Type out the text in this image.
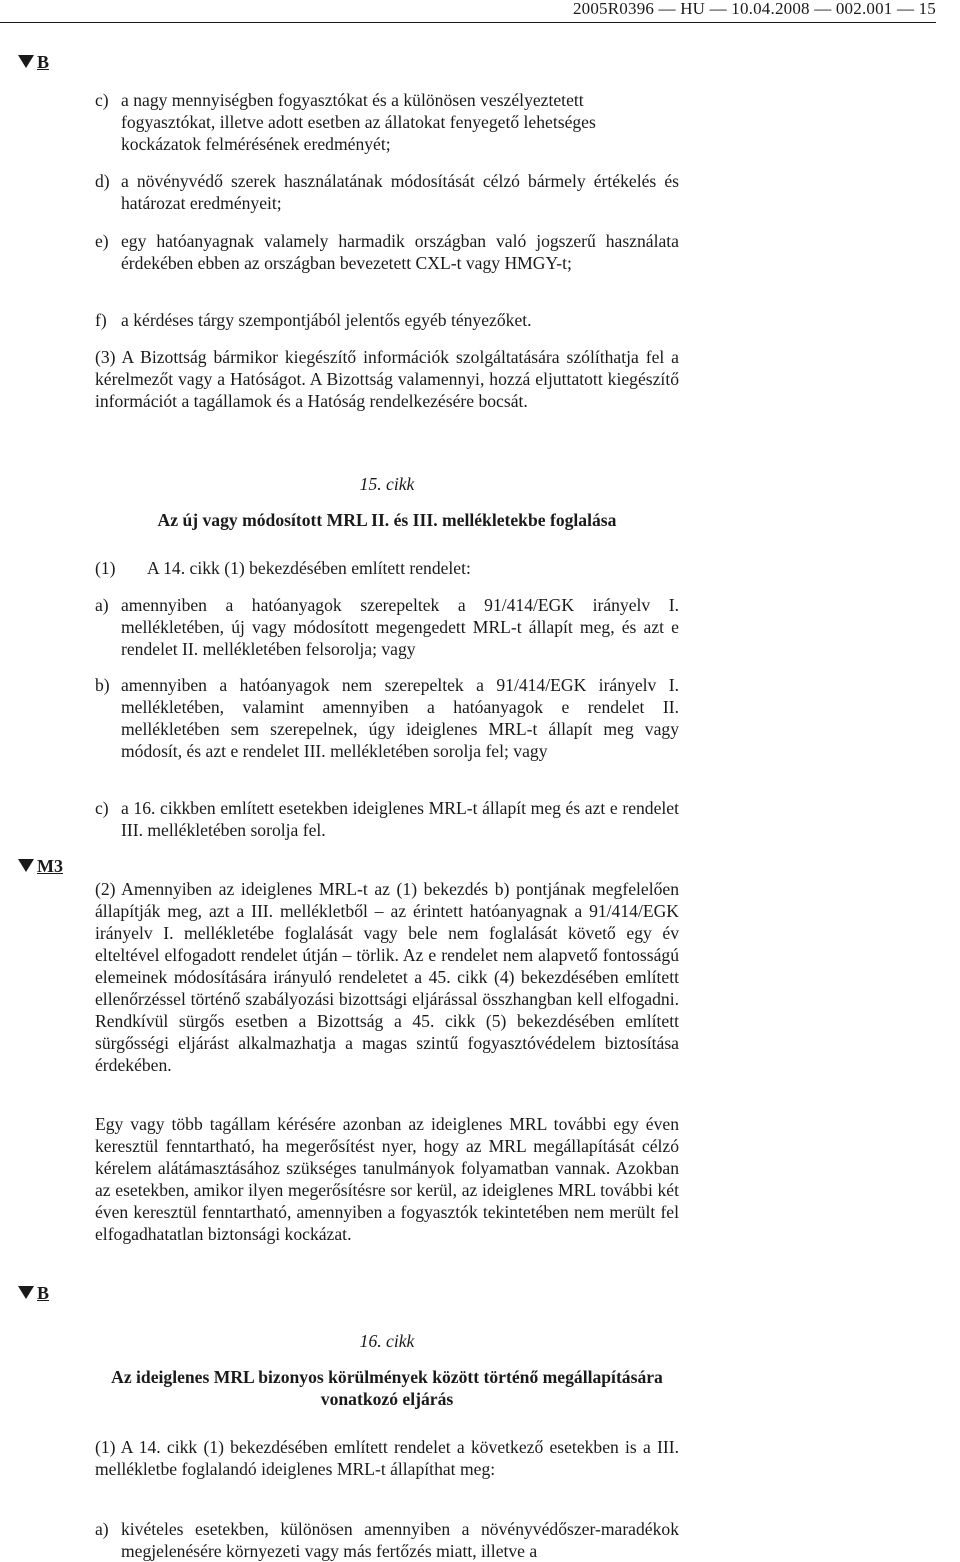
2005R0396 — HU — 10.04.2008 — 002.001 — 15
B
M3
B
c) a nagy mennyiségben fogyasztókat és a különösen veszélyeztetett fogyasztókat, illetve adott esetben az állatokat fenyegető lehetséges kockázatok felmérésének eredményét;
d) a növényvédő szerek használatának módosítását célzó bármely értékelés és határozat eredményeit;
e) egy hatóanyagnak valamely harmadik országban való jogszerű használata érdekében ebben az országban bevezetett CXL-t vagy HMGY-t;
f) a kérdéses tárgy szempontjából jelentős egyéb tényezőket.
(3) A Bizottság bármikor kiegészítő információk szolgáltatására szólíthatja fel a kérelmezőt vagy a Hatóságot. A Bizottság valamennyi, hozzá eljuttatott kiegészítő információt a tagállamok és a Hatóság rendelkezésére bocsát.
15. cikk
Az új vagy módosított MRL II. és III. mellékletekbe foglalása
(1) A 14. cikk (1) bekezdésében említett rendelet:
a) amennyiben a hatóanyagok szerepeltek a 91/414/EGK irányelv I. mellékletében, új vagy módosított megengedett MRL-t állapít meg, és azt e rendelet II. mellékletében felsorolja; vagy
b) amennyiben a hatóanyagok nem szerepeltek a 91/414/EGK irányelv I. mellékletében, valamint amennyiben a hatóanyagok e rendelet II. mellékletében sem szerepelnek, úgy ideiglenes MRL-t állapít meg vagy módosít, és azt e rendelet III. mellékletében sorolja fel; vagy
c) a 16. cikkben említett esetekben ideiglenes MRL-t állapít meg és azt e rendelet III. mellékletében sorolja fel.
(2) Amennyiben az ideiglenes MRL-t az (1) bekezdés b) pontjának megfelelően állapítják meg, azt a III. mellékletből – az érintett hatóanyagnak a 91/414/EGK irányelv I. mellékletébe foglalását vagy bele nem foglalását követő egy év elteltével elfogadott rendelet útján – törlik. Az e rendelet nem alapvető fontosságú elemeinek módosítására irányuló rendeletet a 45. cikk (4) bekezdésében említett ellenőrzéssel történő szabályozási bizottsági eljárással összhangban kell elfogadni. Rendkívül sürgős esetben a Bizottság a 45. cikk (5) bekezdésében említett sürgősségi eljárást alkalmazhatja a magas szintű fogyasztóvédelem biztosítása érdekében.
Egy vagy több tagállam kérésére azonban az ideiglenes MRL további egy éven keresztül fenntartható, ha megerősítést nyer, hogy az MRL megállapítását célzó kérelem alátámasztásához szükséges tanulmányok folyamatban vannak. Azokban az esetekben, amikor ilyen megerősítésre sor kerül, az ideiglenes MRL további két éven keresztül fenntartható, amennyiben a fogyasztók tekintetében nem merült fel elfogadhatatlan biztonsági kockázat.
16. cikk
Az ideiglenes MRL bizonyos körülmények között történő megállapítására vonatkozó eljárás
(1) A 14. cikk (1) bekezdésében említett rendelet a következő esetekben is a III. mellékletbe foglalandó ideiglenes MRL-t állapíthat meg:
a) kivételes esetekben, különösen amennyiben a növényvédőszer-maradékok megjelenésére környezeti vagy más fertőzés miatt, illetve a
